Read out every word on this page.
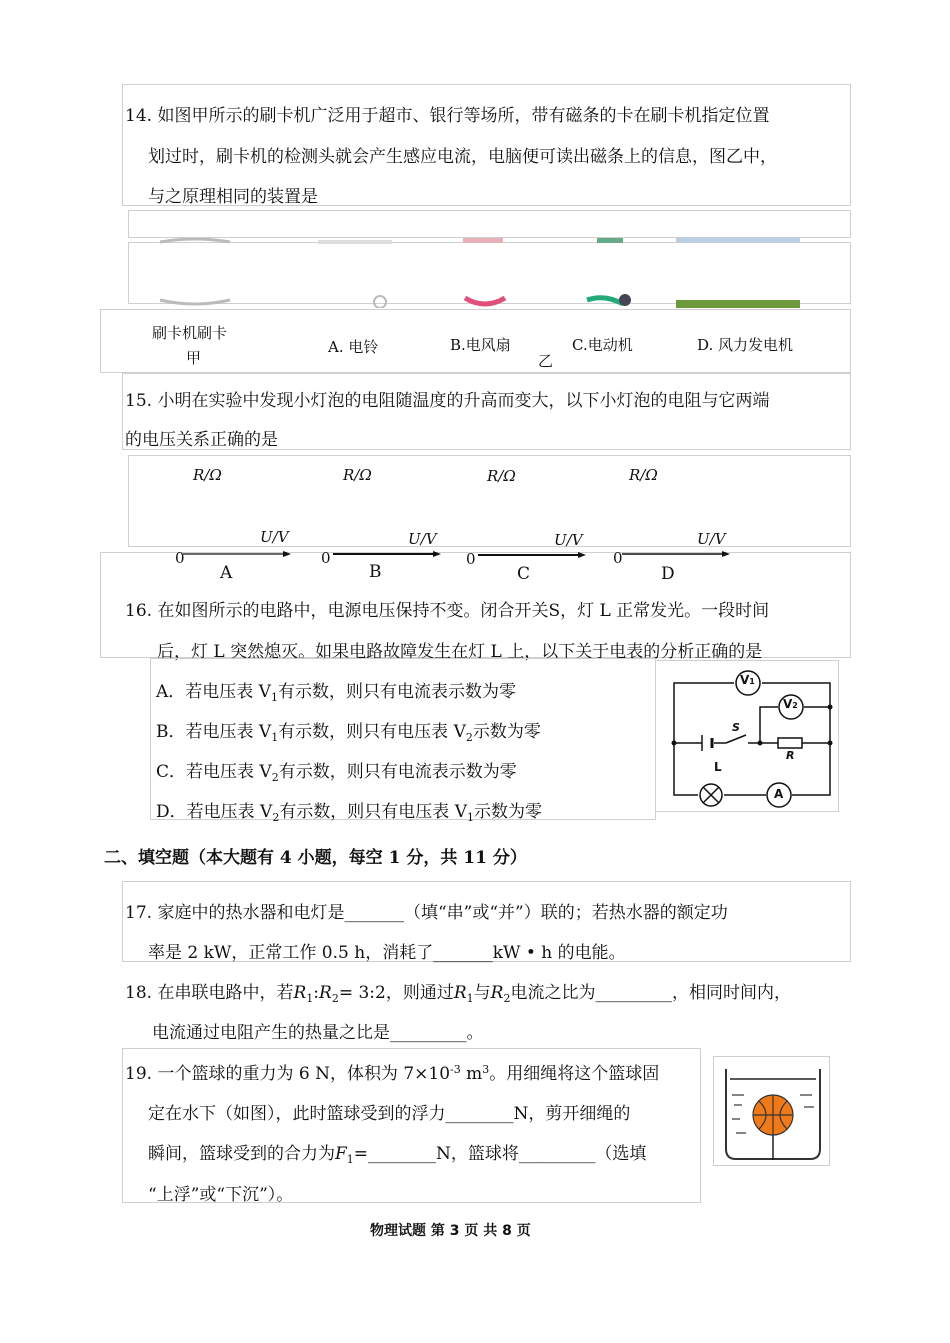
14. 如图甲所示的刷卡机广泛用于超市、银行等场所，带有磁条的卡在刷卡机指定位置
划过时，刷卡机的检测头就会产生感应电流，电脑便可读出磁条上的信息，图乙中，
与之原理相同的装置是
刷卡机刷卡
甲
A. 电铃	B.电风扇
乙
C.电动机	D. 风力发电机
15. 小明在实验中发现小灯泡的电阻随温度的升高而变大，以下小灯泡的电阻与它两端
的电压关系正确的是
R/Ω
U/V
0
A
R/Ω
U/V
0
B
R/Ω
U/V
0
C
R/Ω
U/V
0
D
16. 在如图所示的电路中，电源电压保持不变。闭合开关S，灯 L 正常发光。一段时间
后，灯 L 突然熄灭。如果电路故障发生在灯 L 上，以下关于电表的分析正确的是
A．若电压表 $V_1$有示数，则只有电流表示数为零
B．若电压表 $V_1$有示数，则只有电压表 $V_2$示数为零
C．若电压表 $V_2$有示数，则只有电流表示数为零
D．若电压表 $V_2$有示数，则只有电压表 $V_1$示数为零
V1
V2
S
R
L
A
二、填空题（本大题有 4 小题，每空 1 分，共 11 分）
17. 家庭中的热水器和电灯是_______（填“串”或“并”）联的；若热水器的额定功
率是 2 kW，正常工作 0.5 h，消耗了_______kW • h 的电能。
18. 在串联电路中，若$R_1:R_2=$ 3:2，则通过$R_1$与$R_2$电流之比为_________，相同时间内，
电流通过电阻产生的热量之比是_________。
19. 一个篮球的重力为 6 N，体积为 $7\times 10^{-3}$ $m^3$。用细绳将这个篮球固
定在水下（如图），此时篮球受到的浮力________N，剪开细绳的
瞬间，篮球受到的合力为$F_1=\_\_\_\_\_\_\_\_N$，篮球将_________（选填
“上浮”或“下沉”）。
物理试题 第 3 页 共 8 页
